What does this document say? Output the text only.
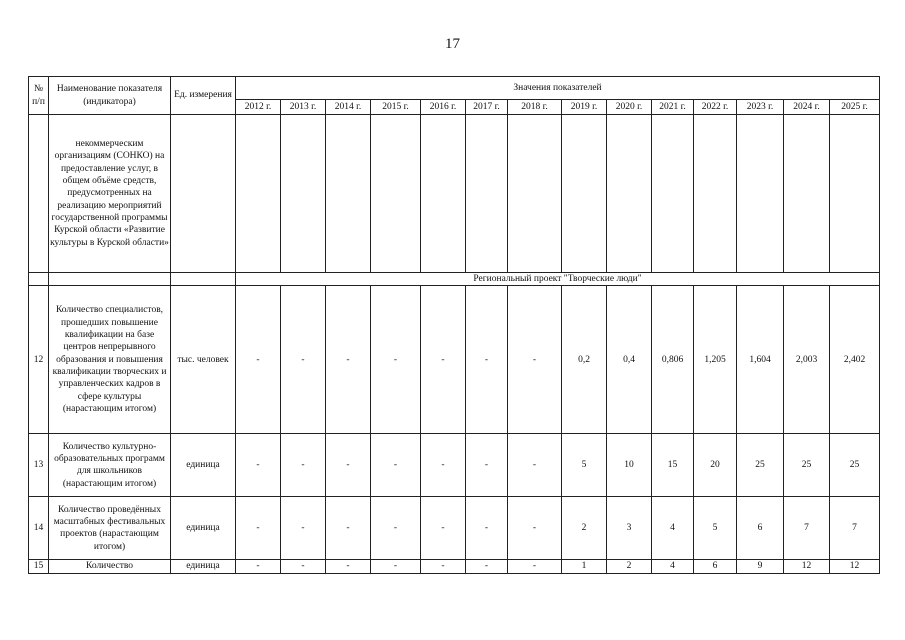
17
№ п/п	Наименование показателя (индикатора)	Ед. измерения	Значения показателей													
			2012 г.	2013 г.	2014 г.	2015 г.	2016 г.	2017 г.	2018 г.	2019 г.	2020 г.	2021 г.	2022 г.	2023 г.	2024 г.	2025 г.
	некоммерческим организациям (СОНКО) на предоставление услуг, в общем объёме средств, предусмотренных на реализацию мероприятий государственной программы Курской области «Развитие культуры в Курской области»															
			Региональный проект "Творческие люди"													
12	Количество специалистов, прошедших повышение квалификации на базе центров непрерывного образования и повышения квалификации творческих и управленческих кадров в сфере культуры (нарастающим итогом)	тыс. человек	-	-	-	-	-	-	-	0,2	0,4	0,806	1,205	1,604	2,003	2,402
13	Количество культурно-образовательных программ для школьников (нарастающим итогом)	единица	-	-	-	-	-	-	-	5	10	15	20	25	25	25
14	Количество проведённых масштабных фестивальных проектов (нарастающим итогом)	единица	-	-	-	-	-	-	-	2	3	4	5	6	7	7
15	Количество	единица	-	-	-	-	-	-	-	1	2	4	6	9	12	12
